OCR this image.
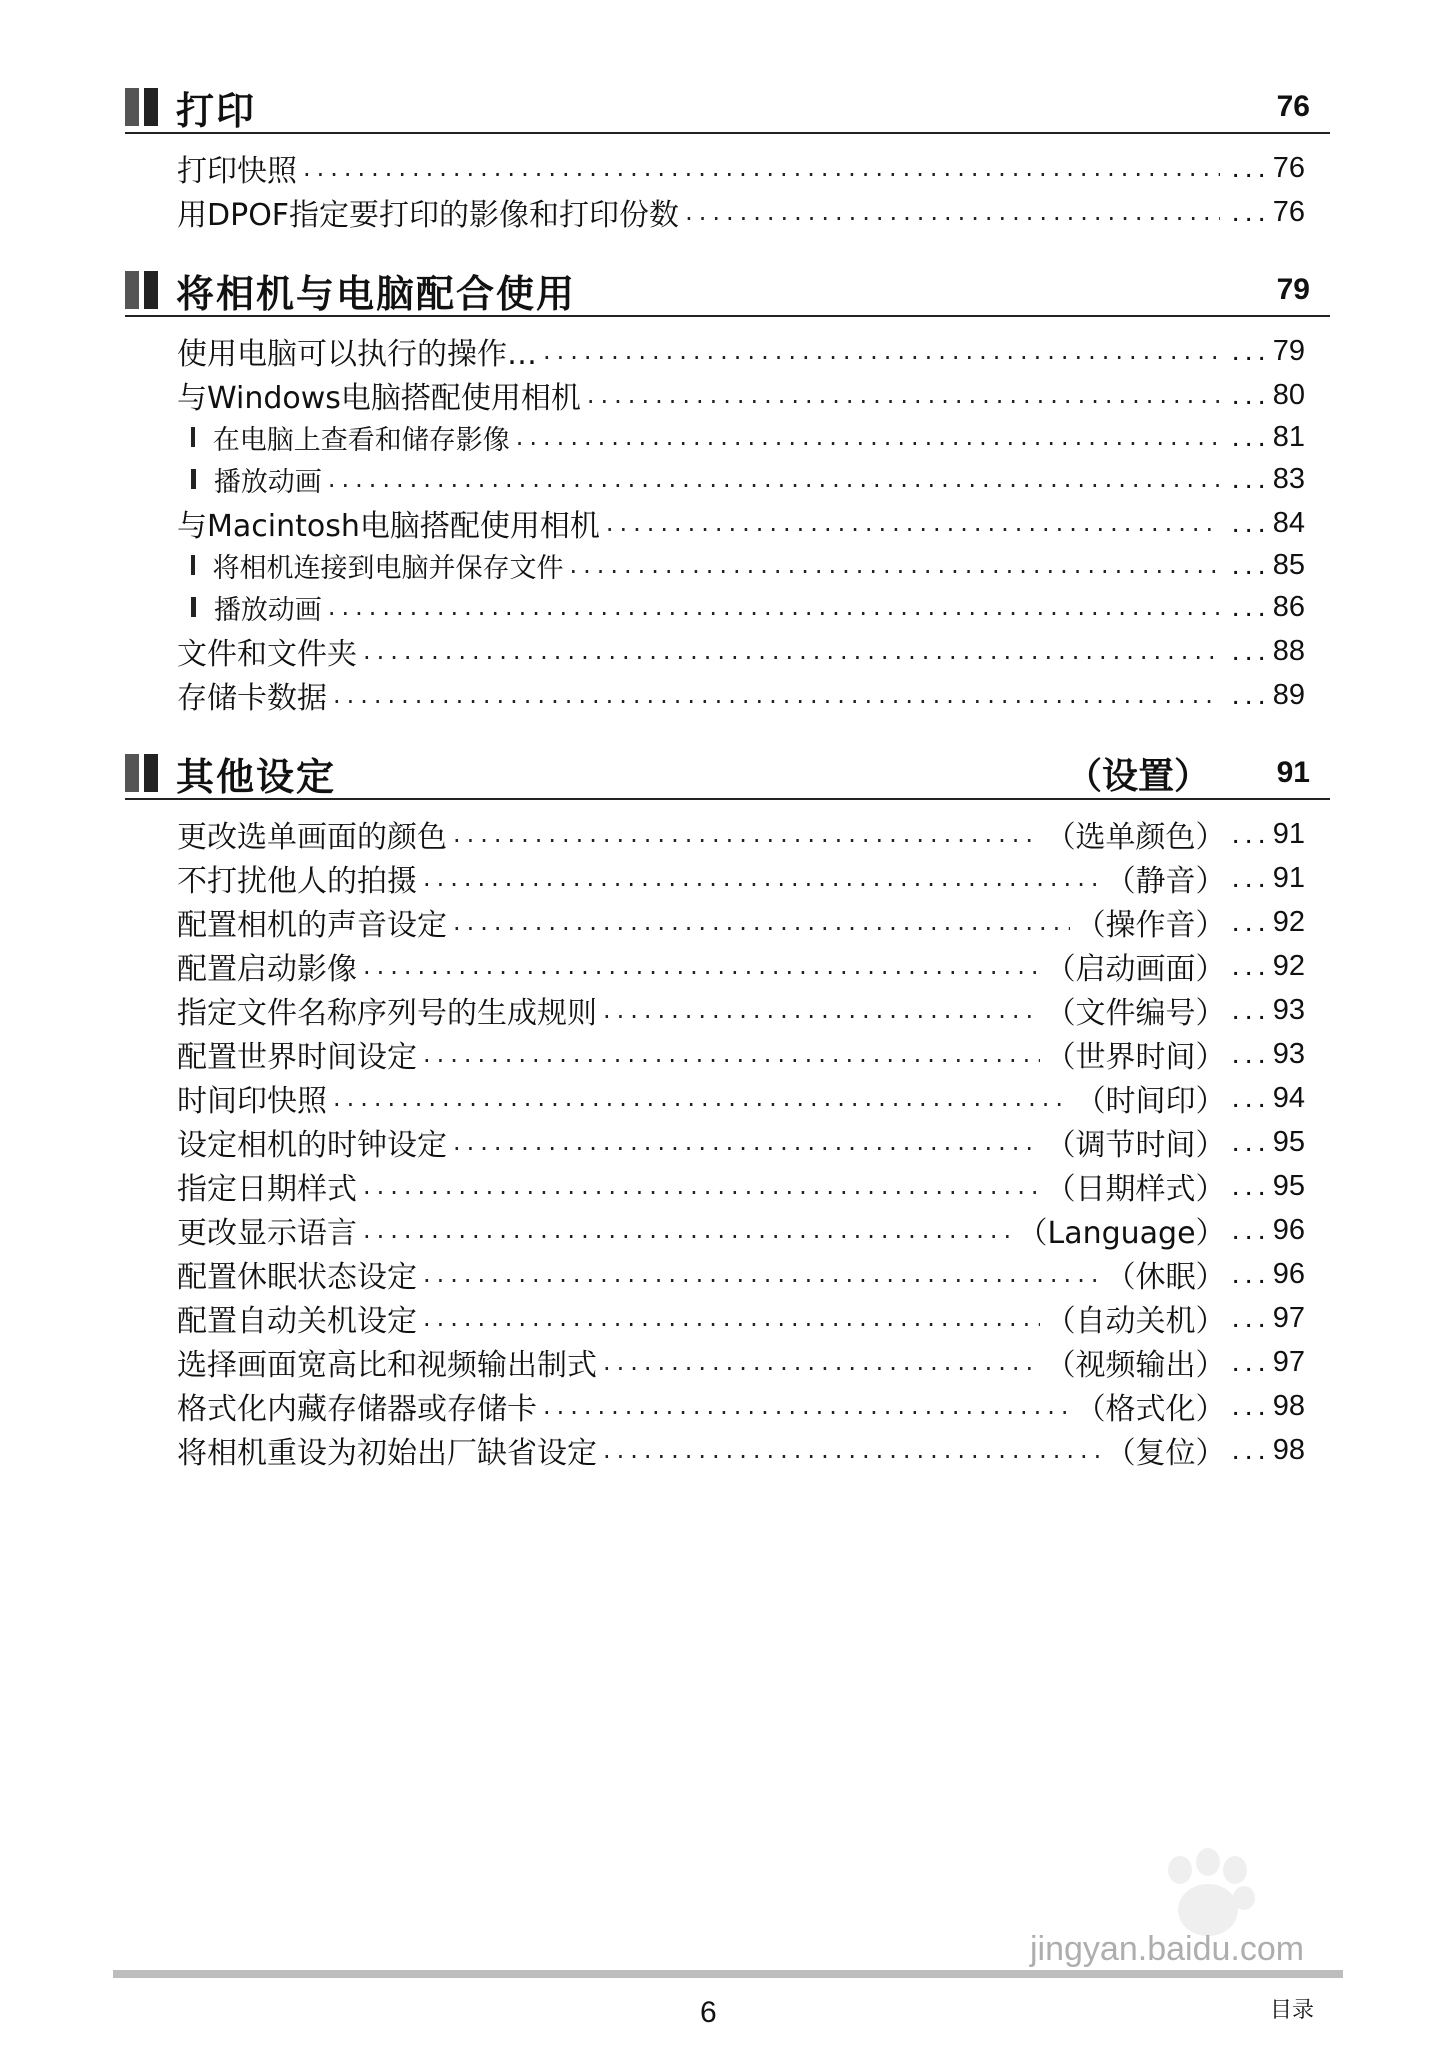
打印	76
打印快照 .....	... 76
用DPOF指定要打印的影像和打印份数 .....	... 76
将相机与电脑配合使用	79
使用电脑可以执行的操作… .....	... 79
与Windows电脑搭配使用相机 .....	... 80
在电脑上查看和储存影像 .....	... 81
播放动画 .....	... 83
与Macintosh电脑搭配使用相机 .....	... 84
将相机连接到电脑并保存文件 .....	... 85
播放动画 .....	... 86
文件和文件夹 .....	... 88
存储卡数据 .....	... 89
其他设定	（设置） 91
更改选单画面的颜色 .....	（选单颜色）	... 91
不打扰他人的拍摄 .....	（静音）	... 91
配置相机的声音设定 .....	（操作音）	... 92
配置启动影像 .....	（启动画面）	... 92
指定文件名称序列号的生成规则 .....	（文件编号）	... 93
配置世界时间设定 .....	（世界时间）	... 93
时间印快照 .....	（时间印）	... 94
设定相机的时钟设定 .....	（调节时间）	... 95
指定日期样式 .....	（日期样式）	... 95
更改显示语言 .....	（Language）	... 96
配置休眠状态设定 .....	（休眠）	... 96
配置自动关机设定 .....	（自动关机）	... 97
选择画面宽高比和视频输出制式 .....	（视频输出）	... 97
格式化内藏存储器或存储卡 .....	（格式化）	... 98
将相机重设为初始出厂缺省设定 .....	（复位）	... 98
jingyan.baidu.com
6	目录
